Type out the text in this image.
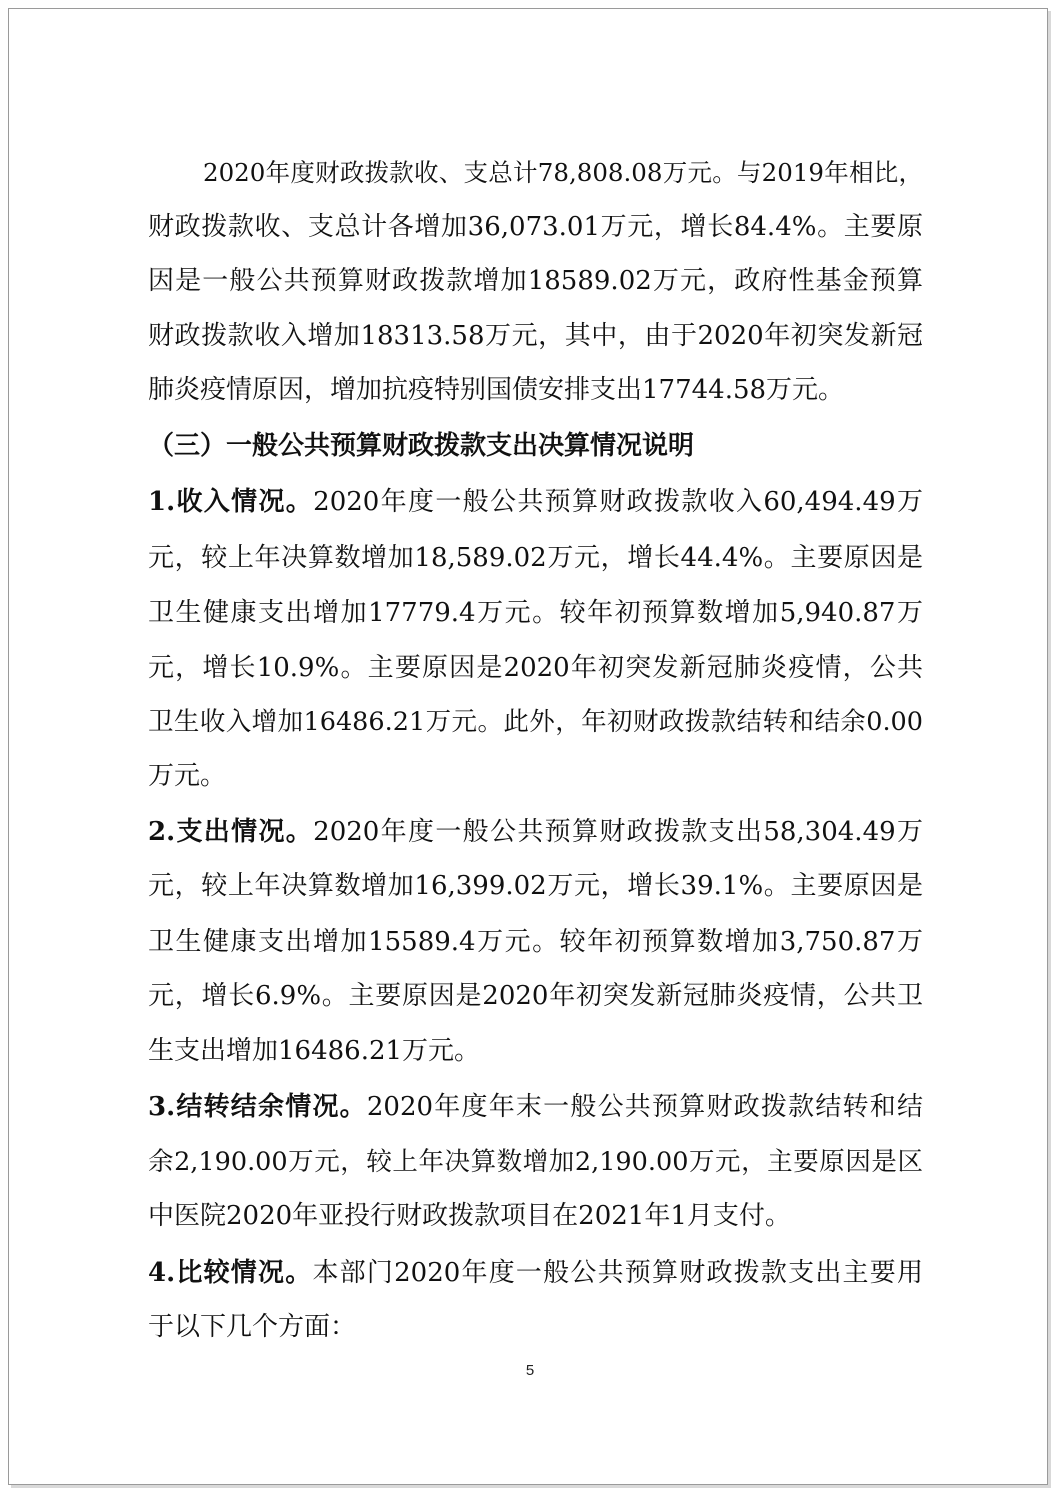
2020年度财政拨款收、支总计78,808.08万元。与2019年相比，
财政拨款收、支总计各增加36,073.01万元，增长84.4%。主要原
因是一般公共预算财政拨款增加18589.02万元，政府性基金预算
财政拨款收入增加18313.58万元，其中，由于2020年初突发新冠
肺炎疫情原因，增加抗疫特别国债安排支出17744.58万元。
（三）一般公共预算财政拨款支出决算情况说明
1.收入情况。2020年度一般公共预算财政拨款收入60,494.49万
元，较上年决算数增加18,589.02万元，增长44.4%。主要原因是
卫生健康支出增加17779.4万元。较年初预算数增加5,940.87万
元，增长10.9%。主要原因是2020年初突发新冠肺炎疫情，公共
卫生收入增加16486.21万元。此外，年初财政拨款结转和结余0.00
万元。
2.支出情况。2020年度一般公共预算财政拨款支出58,304.49万
元，较上年决算数增加16,399.02万元，增长39.1%。主要原因是
卫生健康支出增加15589.4万元。较年初预算数增加3,750.87万
元，增长6.9%。主要原因是2020年初突发新冠肺炎疫情，公共卫
生支出增加16486.21万元。
3.结转结余情况。2020年度年末一般公共预算财政拨款结转和结
余2,190.00万元，较上年决算数增加2,190.00万元，主要原因是区
中医院2020年亚投行财政拨款项目在2021年1月支付。
4.比较情况。本部门2020年度一般公共预算财政拨款支出主要用
于以下几个方面：
5
